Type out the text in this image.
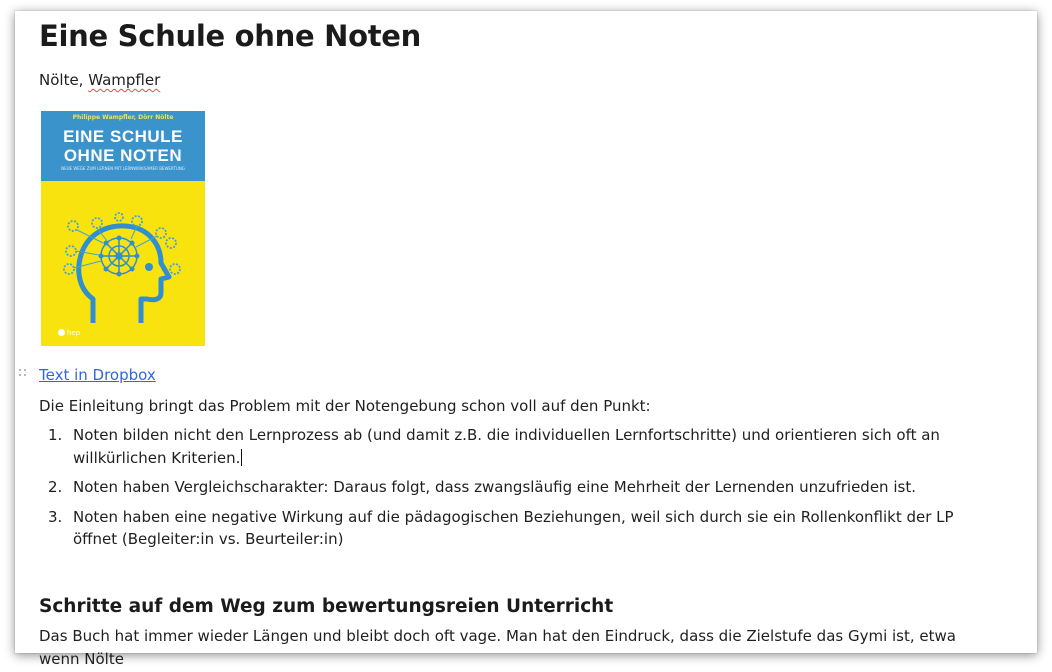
Eine Schule ohne Noten
Nölte, Wampfler
Philippe Wampfler, Dörr Nölte
EINE SCHULE
OHNE NOTEN
NEUE WEGE ZUM LERNEN MIT LERNWIRKSAMER BEWERTUNG
hep
Text in Dropbox
Die Einleitung bringt das Problem mit der Notengebung schon voll auf den Punkt:
1. Noten bilden nicht den Lernprozess ab (und damit z.B. die individuellen Lernfortschritte) und orientieren sich oft an willkürlichen Kriterien.
2. Noten haben Vergleichscharakter: Daraus folgt, dass zwangsläufig eine Mehrheit der Lernenden unzufrieden ist.
3. Noten haben eine negative Wirkung auf die pädagogischen Beziehungen, weil sich durch sie ein Rollenkonflikt der LP öffnet (Begleiter:in vs. Beurteiler:in)
Schritte auf dem Weg zum bewertungsreien Unterricht
Das Buch hat immer wieder Längen und bleibt doch oft vage. Man hat den Eindruck, dass die Zielstufe das Gymi ist, etwa wenn Nölte
